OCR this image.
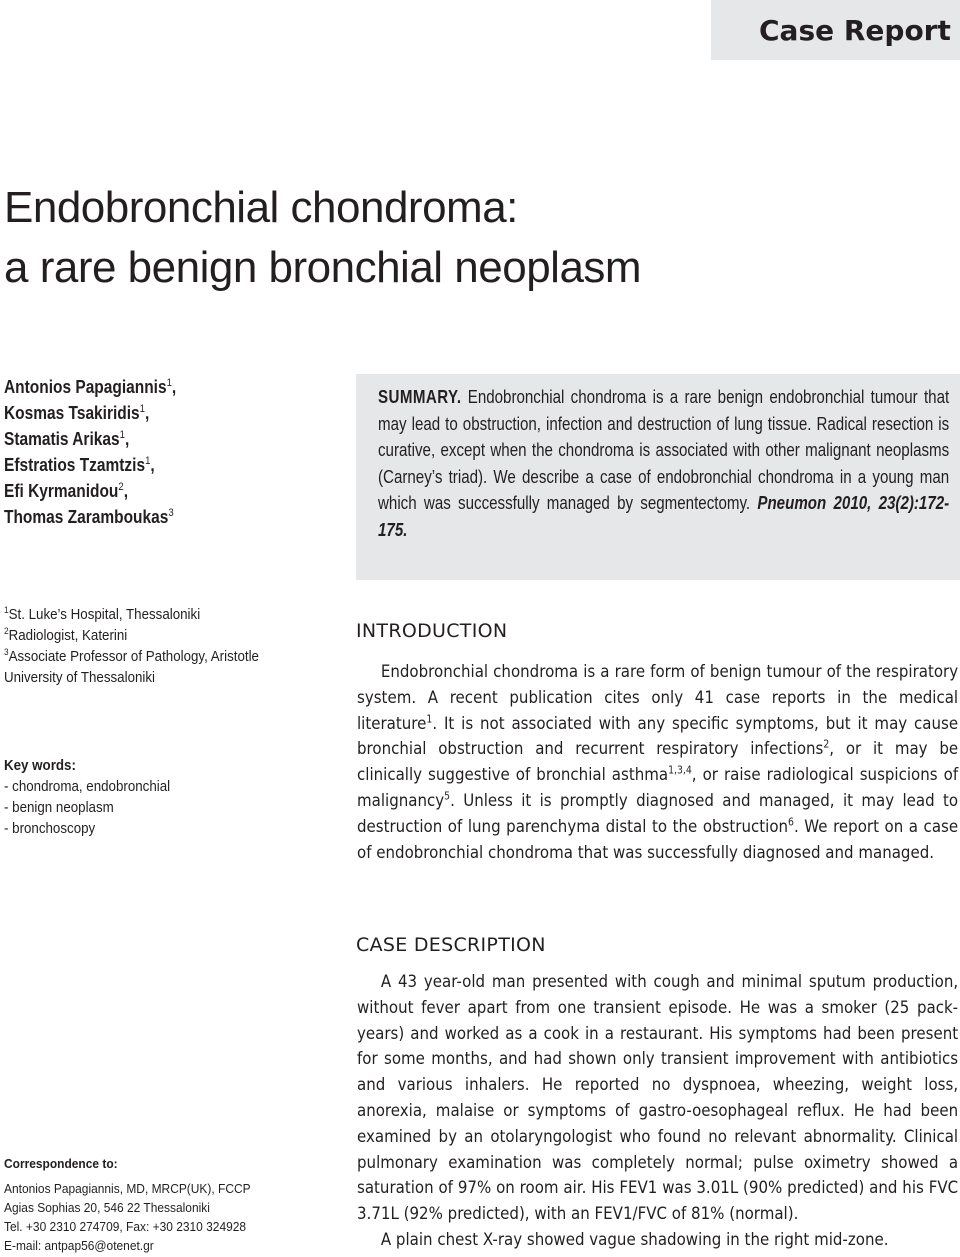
Case Report
Endobronchial chondroma:
a rare benign bronchial neoplasm
Antonios Papagiannis$^1$,
Kosmas Tsakiridis$^1$,
Stamatis Arikas$^1$,
Efstratios Tzamtzis$^1$,
Efi Kyrmanidou$^2$,
Thomas Zaramboukas$^3$

SUMMARY. Endobronchial chondroma is a rare benign endobronchial tumour that may lead to obstruction, infection and destruction of lung tissue. Radical resection is curative, except when the chondroma is associated with other malignant neoplasms (Carney’s triad). We describe a case of endobronchial chondroma in a young man which was successfully managed by segmentectomy. Pneumon 2010, 23(2):172-175.

$^1$St. Luke’s Hospital, Thessaloniki
$^2$Radiologist, Katerini
$^3$Associate Professor of Pathology, Aristotle
University of Thessaloniki
Key words:
- chondroma, endobronchial
- benign neoplasm
- bronchoscopy
Correspondence to:
Antonios Papagiannis, MD, MRCP(UK), FCCP
Agias Sophias 20, 546 22 Thessaloniki
Tel. +30 2310 274709, Fax: +30 2310 324928
E-mail: antpap56@otenet.gr
INTRODUCTION

Endobronchial chondroma is a rare form of benign tumour of the respiratory system. A recent publication cites only 41 case reports in the medical literature$^1$. It is not associated with any specific symptoms, but it may cause bronchial obstruction and recurrent respiratory infections$^2$, or it may be clinically suggestive of bronchial asthma$^{1,3,4}$, or raise radiological suspicions of malignancy$^5$. Unless it is promptly diagnosed and managed, it may lead to destruction of lung parenchyma distal to the obstruction$^6$. We report on a case of endobronchial chondroma that was successfully diagnosed and managed.

CASE DESCRIPTION

A 43 year-old man presented with cough and minimal sputum production, without fever apart from one transient episode. He was a smoker (25 pack-years) and worked as a cook in a restaurant. His symptoms had been present for some months, and had shown only transient improvement with antibiotics and various inhalers. He reported no dyspnoea, wheezing, weight loss, anorexia, malaise or symptoms of gastro-oesophageal reflux. He had been examined by an otolaryngologist who found no relevant abnormality. Clinical pulmonary examination was completely normal; pulse oximetry showed a saturation of 97% on room air. His FEV1 was 3.01L (90% predicted) and his FVC 3.71L (92% predicted), with an FEV1/FVC of 81% (normal).

A plain chest X-ray showed vague shadowing in the right mid-zone.
